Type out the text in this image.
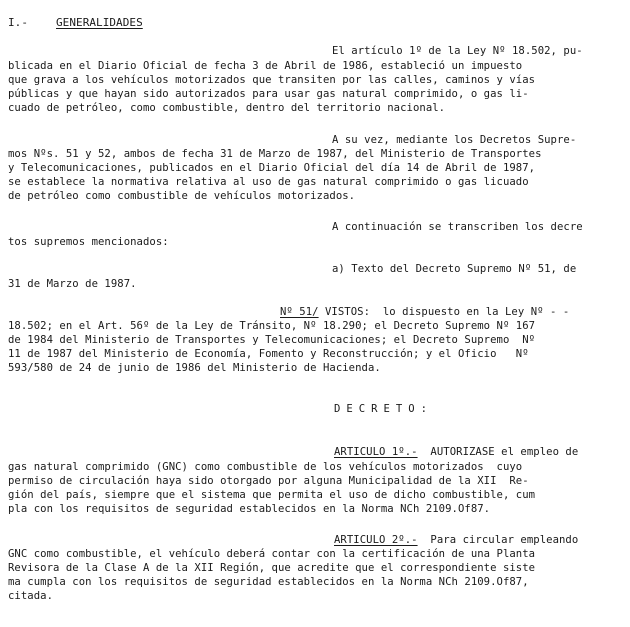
I.-	GENERALIDADES
El artículo 1º de la Ley Nº 18.502, pu-
blicada en el Diario Oficial de fecha 3 de Abril de 1986, estableció un impuesto
que grava a los vehículos motorizados que transiten por las calles, caminos y vías
públicas y que hayan sido autorizados para usar gas natural comprimido, o gas li-
cuado de petróleo, como combustible, dentro del territorio nacional.
A su vez, mediante los Decretos Supre-
mos Nºs. 51 y 52, ambos de fecha 31 de Marzo de 1987, del Ministerio de Transportes
y Telecomunicaciones, publicados en el Diario Oficial del día 14 de Abril de 1987,
se establece la normativa relativa al uso de gas natural comprimido o gas licuado
de petróleo como combustible de vehículos motorizados.
A continuación se transcriben los decre
tos supremos mencionados:
a) Texto del Decreto Supremo Nº 51, de
31 de Marzo de 1987.
Nº 51/ VISTOS:  lo dispuesto en la Ley Nº - -
18.502; en el Art. 56º de la Ley de Tránsito, Nº 18.290; el Decreto Supremo Nº 167
de 1984 del Ministerio de Transportes y Telecomunicaciones; el Decreto Supremo  Nº
11 de 1987 del Ministerio de Economía, Fomento y Reconstrucción; y el Oficio   Nº
593/580 de 24 de junio de 1986 del Ministerio de Hacienda.
DECRETO:
ARTICULO 1º.-  AUTORIZASE el empleo de
gas natural comprimido (GNC) como combustible de los vehículos motorizados  cuyo
permiso de circulación haya sido otorgado por alguna Municipalidad de la XII  Re-
gión del país, siempre que el sistema que permita el uso de dicho combustible, cum
pla con los requisitos de seguridad establecidos en la Norma NCh 2109.Of87.
ARTICULO 2º.-  Para circular empleando
GNC como combustible, el vehículo deberá contar con la certificación de una Planta
Revisora de la Clase A de la XII Región, que acredite que el correspondiente siste
ma cumpla con los requisitos de seguridad establecidos en la Norma NCh 2109.Of87,
citada.
